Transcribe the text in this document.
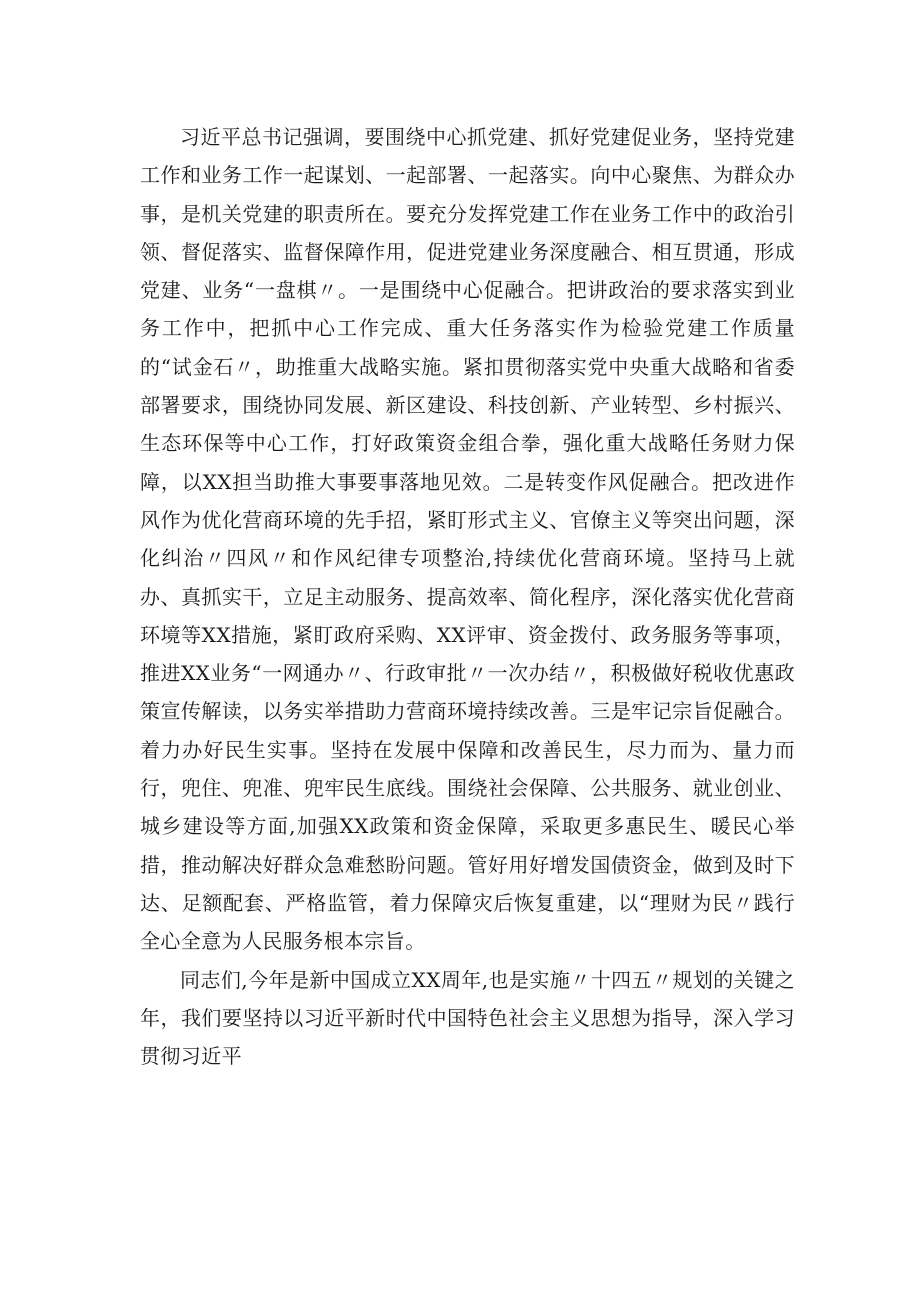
习近平总书记强调，要围绕中心抓党建、抓好党建促业务，坚持党建工作和业务工作一起谋划、一起部署、一起落实。向中心聚焦、为群众办事，是机关党建的职责所在。要充分发挥党建工作在业务工作中的政治引领、督促落实、监督保障作用，促进党建业务深度融合、相互贯通，形成党建、业务“一盘棋〃。一是围绕中心促融合。把讲政治的要求落实到业务工作中，把抓中心工作完成、重大任务落实作为检验党建工作质量的“试金石〃，助推重大战略实施。紧扣贯彻落实党中央重大战略和省委部署要求，围绕协同发展、新区建设、科技创新、产业转型、乡村振兴、生态环保等中心工作，打好政策资金组合拳，强化重大战略任务财力保障，以XX担当助推大事要事落地见效。二是转变作风促融合。把改进作风作为优化营商环境的先手招，紧盯形式主义、官僚主义等突出问题，深化纠治〃四风〃和作风纪律专项整治,持续优化营商环境。坚持马上就办、真抓实干，立足主动服务、提高效率、简化程序，深化落实优化营商环境等XX措施，紧盯政府采购、XX评审、资金拨付、政务服务等事项，推进XX业务“一网通办〃、行政审批〃一次办结〃，积极做好税收优惠政策宣传解读，以务实举措助力营商环境持续改善。三是牢记宗旨促融合。着力办好民生实事。坚持在发展中保障和改善民生，尽力而为、量力而行，兜住、兜准、兜牢民生底线。围绕社会保障、公共服务、就业创业、城乡建设等方面,加强XX政策和资金保障，采取更多惠民生、暖民心举措，推动解决好群众急难愁盼问题。管好用好增发国债资金，做到及时下达、足额配套、严格监管，着力保障灾后恢复重建，以“理财为民〃践行全心全意为人民服务根本宗旨。

同志们,今年是新中国成立XX周年,也是实施〃十四五〃规划的关键之年，我们要坚持以习近平新时代中国特色社会主义思想为指导，深入学习贯彻习近平
